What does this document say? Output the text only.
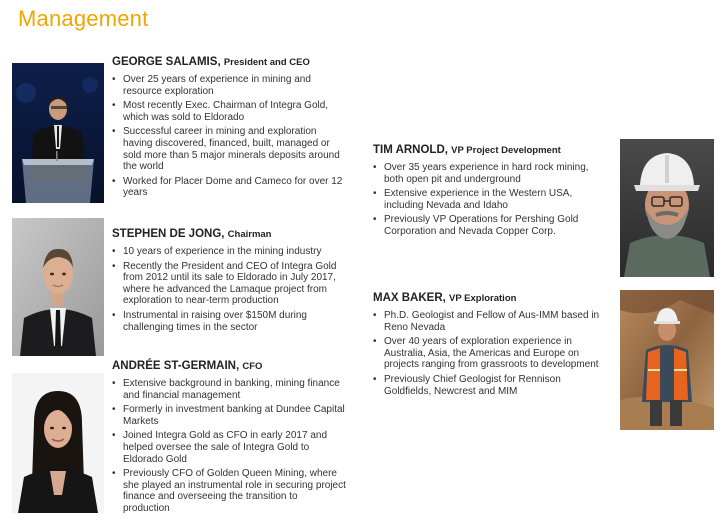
Management
GEORGE SALAMIS, President and CEO
• Over 25 years of experience in mining and resource exploration
• Most recently Exec. Chairman of Integra Gold, which was sold to Eldorado
• Successful career in mining and exploration having discovered, financed, built, managed or sold more than 5 major minerals deposits around the world
• Worked for Placer Dome and Cameco for over 12 years
STEPHEN DE JONG, Chairman
• 10 years of experience in the mining industry
• Recently the President and CEO of Integra Gold from 2012 until its sale to Eldorado in July 2017, where he advanced the Lamaque project from exploration to near-term production
• Instrumental in raising over $150M during challenging times in the sector
ANDRÉE ST-GERMAIN, CFO
• Extensive background in banking, mining finance and financial management
• Formerly in investment banking at Dundee Capital Markets
• Joined Integra Gold as CFO in early 2017 and helped oversee the sale of Integra Gold to Eldorado Gold
• Previously CFO of Golden Queen Mining, where she played an instrumental role in securing project finance and overseeing the transition to production
TIM ARNOLD, VP Project Development
• Over 35 years experience in hard rock mining, both open pit and underground
• Extensive experience in the Western USA, including Nevada and Idaho
• Previously VP Operations for Pershing Gold Corporation and Nevada Copper Corp.
MAX BAKER, VP Exploration
• Ph.D. Geologist and Fellow of Aus-IMM based in Reno Nevada
• Over 40 years of exploration experience in Australia, Asia, the Americas and Europe on projects ranging from grassroots to development
• Previously Chief Geologist for Rennison Goldfields, Newcrest and MIM
